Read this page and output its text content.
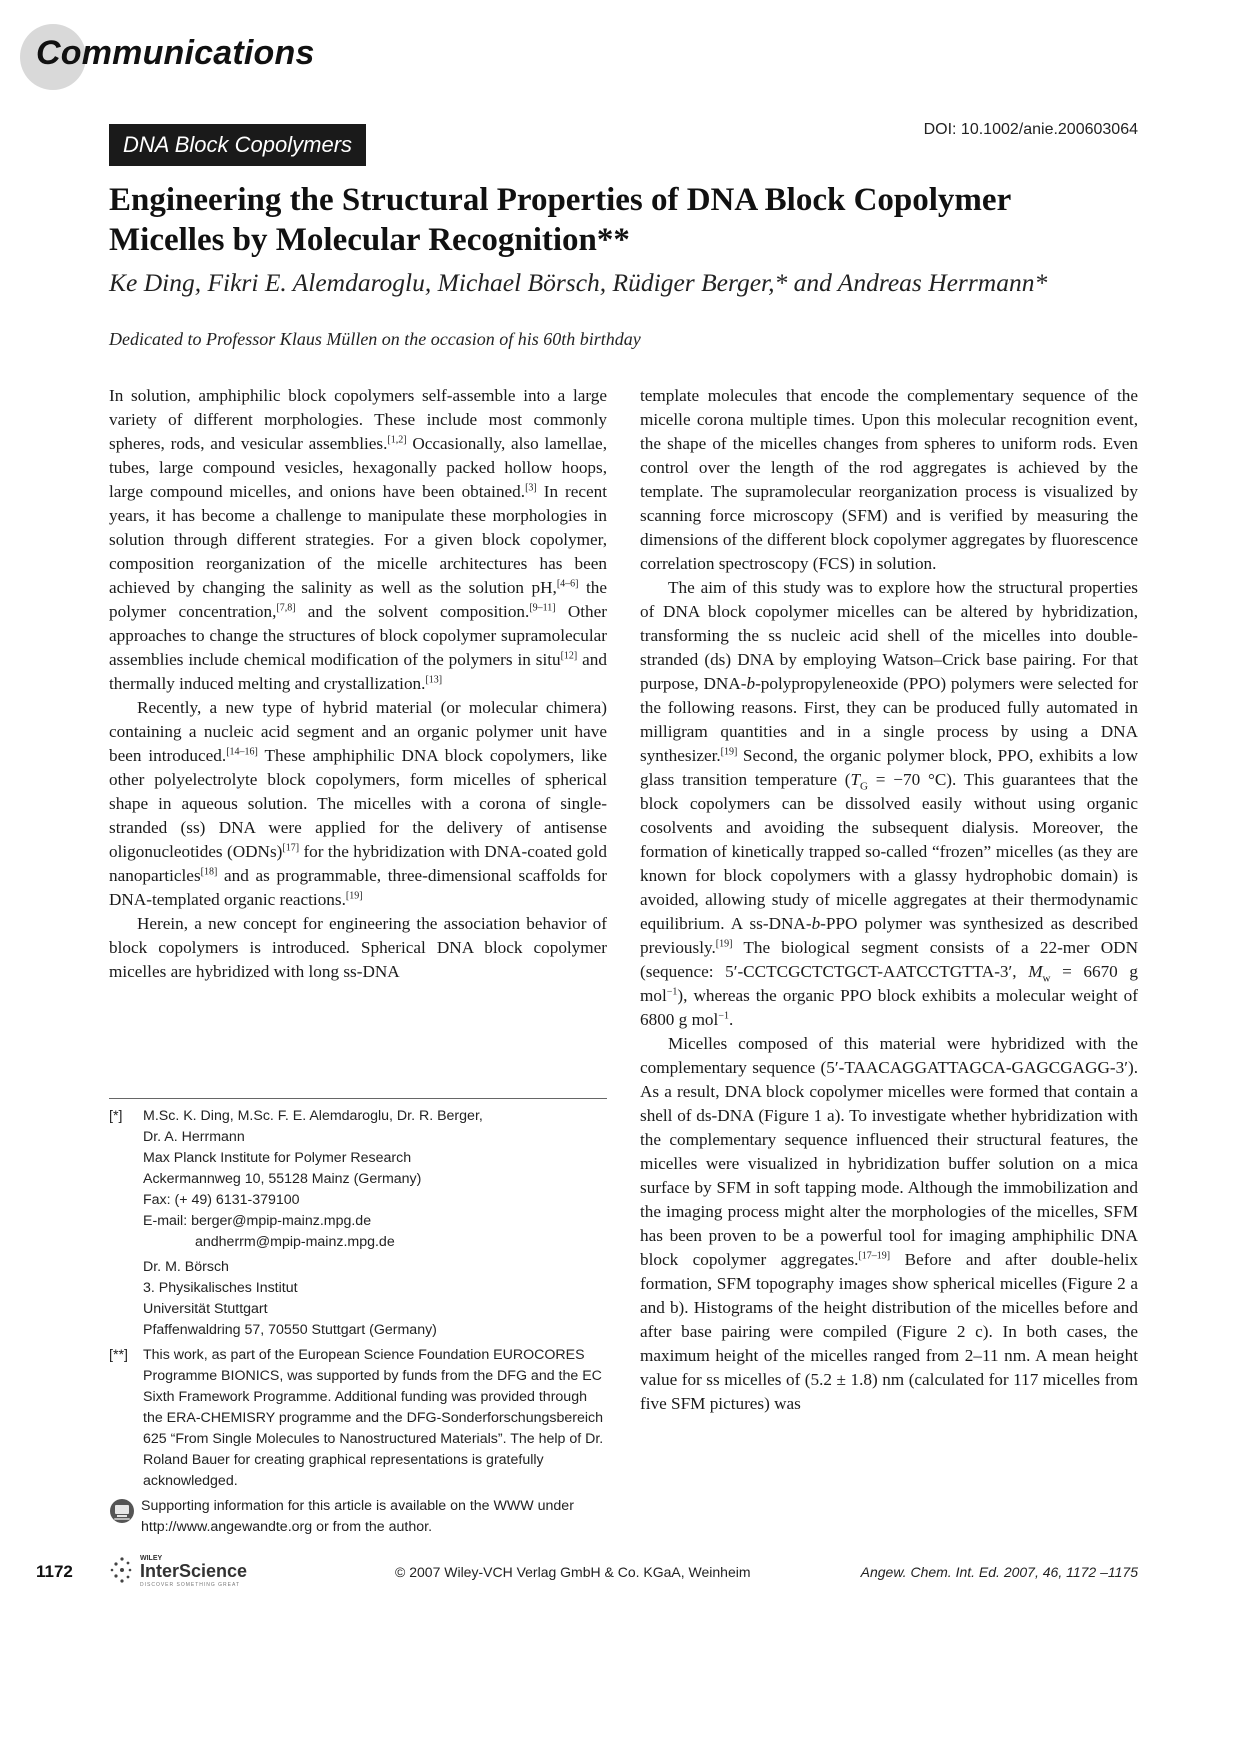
Communications
DNA Block Copolymers
DOI: 10.1002/anie.200603064
Engineering the Structural Properties of DNA Block Copolymer
Micelles by Molecular Recognition**
Ke Ding, Fikri E. Alemdaroglu, Michael Börsch, Rüdiger Berger,* and Andreas Herrmann*
Dedicated to Professor Klaus Müllen on the occasion of his 60th birthday

In solution, amphiphilic block copolymers self-assemble into a large variety of different morphologies. These include most commonly spheres, rods, and vesicular assemblies.[1,2] Occasionally, also lamellae, tubes, large compound vesicles, hexagonally packed hollow hoops, large compound micelles, and onions have been obtained.[3] In recent years, it has become a challenge to manipulate these morphologies in solution through different strategies. For a given block copolymer, composition reorganization of the micelle architectures has been achieved by changing the salinity as well as the solution pH,[4–6] the polymer concentration,[7,8] and the solvent composition.[9–11] Other approaches to change the structures of block copolymer supramolecular assemblies include chemical modification of the polymers in situ[12] and thermally induced melting and crystallization.[13]

Recently, a new type of hybrid material (or molecular chimera) containing a nucleic acid segment and an organic polymer unit have been introduced.[14–16] These amphiphilic DNA block copolymers, like other polyelectrolyte block copolymers, form micelles of spherical shape in aqueous solution. The micelles with a corona of single-stranded (ss) DNA were applied for the delivery of antisense oligonucleotides (ODNs)[17] for the hybridization with DNA-coated gold nanoparticles[18] and as programmable, three-dimensional scaffolds for DNA-templated organic reactions.[19]

Herein, a new concept for engineering the association behavior of block copolymers is introduced. Spherical DNA block copolymer micelles are hybridized with long ss-DNA

template molecules that encode the complementary sequence of the micelle corona multiple times. Upon this molecular recognition event, the shape of the micelles changes from spheres to uniform rods. Even control over the length of the rod aggregates is achieved by the template. The supramolecular reorganization process is visualized by scanning force microscopy (SFM) and is verified by measuring the dimensions of the different block copolymer aggregates by fluorescence correlation spectroscopy (FCS) in solution.

The aim of this study was to explore how the structural properties of DNA block copolymer micelles can be altered by hybridization, transforming the ss nucleic acid shell of the micelles into double-stranded (ds) DNA by employing Watson–Crick base pairing. For that purpose, DNA-b-polypropyleneoxide (PPO) polymers were selected for the following reasons. First, they can be produced fully automated in milligram quantities and in a single process by using a DNA synthesizer.[19] Second, the organic polymer block, PPO, exhibits a low glass transition temperature ($T_G = -70$ °C). This guarantees that the block copolymers can be dissolved easily without using organic cosolvents and avoiding the subsequent dialysis. Moreover, the formation of kinetically trapped so-called “frozen” micelles (as they are known for block copolymers with a glassy hydrophobic domain) is avoided, allowing study of micelle aggregates at their thermodynamic equilibrium. A ss-DNA-b-PPO polymer was synthesized as described previously.[19] The biological segment consists of a 22-mer ODN (sequence: 5′-CCTCGCTCTGCT-AATCCTGTTA-3′, $M_w = 6670$ g mol$^{-1}$), whereas the organic PPO block exhibits a molecular weight of 6800 g mol$^{-1}$.

Micelles composed of this material were hybridized with the complementary sequence (5′-TAACAGGATTAGCA-GAGCGAGG-3′). As a result, DNA block copolymer micelles were formed that contain a shell of ds-DNA (Figure 1 a). To investigate whether hybridization with the complementary sequence influenced their structural features, the micelles were visualized in hybridization buffer solution on a mica surface by SFM in soft tapping mode. Although the immobilization and the imaging process might alter the morphologies of the micelles, SFM has been proven to be a powerful tool for imaging amphiphilic DNA block copolymer aggregates.[17–19] Before and after double-helix formation, SFM topography images show spherical micelles (Figure 2 a and b). Histograms of the height distribution of the micelles before and after base pairing were compiled (Figure 2 c). In both cases, the maximum height of the micelles ranged from 2–11 nm. A mean height value for ss micelles of (5.2 ± 1.8) nm (calculated for 117 micelles from five SFM pictures) was

[*]	M.Sc. K. Ding, M.Sc. F. E. Alemdaroglu, Dr. R. Berger,
Dr. A. Herrmann
Max Planck Institute for Polymer Research
Ackermannweg 10, 55128 Mainz (Germany)
Fax: (+ 49) 6131-379100
E-mail: berger@mpip-mainz.mpg.de
andherrm@mpip-mainz.mpg.de
Dr. M. Börsch
3. Physikalisches Institut
Universität Stuttgart
Pfaffenwaldring 57, 70550 Stuttgart (Germany)
[**]	This work, as part of the European Science Foundation EUROCORES Programme BIONICS, was supported by funds from the DFG and the EC Sixth Framework Programme. Additional funding was provided through the ERA-CHEMISRY programme and the DFG-Sonderforschungsbereich 625 “From Single Molecules to Nanostructured Materials”. The help of Dr. Roland Bauer for creating graphical representations is gratefully acknowledged.
Supporting information for this article is available on the WWW under http://www.angewandte.org or from the author.
1172
WILEY
InterScience
DISCOVER SOMETHING GREAT
© 2007 Wiley-VCH Verlag GmbH & Co. KGaA, Weinheim	Angew. Chem. Int. Ed. 2007, 46, 1172 –1175
